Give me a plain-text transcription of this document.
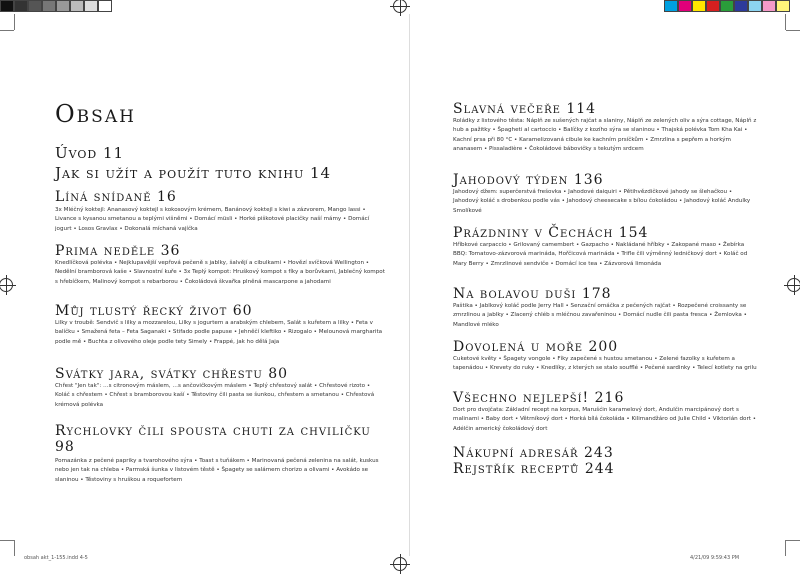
Obsah
Úvod 11
Jak si užít a použít tuto knihu 14
Líná snídaně 16
3x Mléčný koktejl: Ananasový koktejl s kokosovým krémem, Banánový koktejl s kiwi a zázvorem, Mango lassi • Livance s kysanou smetanou a teplými višněmi • Domácí müsli • Horké piškotové placičky naší mámy • Domácí jogurt • Losos Gravlax • Dokonalá míchaná vajíčka
Prima neděle 36
Knedlíčková polévka • Nejklupavější vepřová pečeně s jablky, šalvějí a cibulkami • Hovězí svíčková Wellington • Nedělní bramborová kaše • Slavnostní kuře • 3x Teplý kompot: Hruškový kompot s fíky a borůvkami, Jablečný kompot s hřebíčkem, Malinový kompot s rebarborou • Čokoládová škvařka plněná mascarpone a jahodami
Můj tlustý řecký život 60
Lilky v troubě: Sendvič s lilky a mozzarelou, Lilky s jogurtem a arabským chlebem, Salát s kuřetem a lilky • Feta v balíčku • Smažená feta – Feta Saganaki • Stifado podle papuse • Jehněčí kleftiko • Rizogalo • Melounová margharita podle mě • Buchta z olivového oleje podle tety Simely • Frappé, jak ho dělá Jaja
Svátky jara, svátky chřestu 80
Chřest "Jen tak": …s citronovým máslem, …s ančovičkovým máslem • Teplý chřestový salát • Chřestové rizoto • Koláč s chřestem • Chřest s bramborovou kaší • Těstoviny čili pasta se šunkou, chřestem a smetanou • Chřestová krémová polévka
Rychlovky čili spousta chuti za chviličku 98
Pomazánka z pečené papriky a tvarohového sýra • Toast s tuňákem • Marinovaná pečená zelenina na salát, kuskus nebo jen tak na chleba • Parmská šunka v listovém těstě • Špagety se salámem chorizo a olivami • Avokádo se slaninou • Těstoviny s hruškou a roquefortem
Slavná večeře 114
Roládky z listového těsta: Náplň ze sušených rajčat a slaniny, Náplň ze zelených oliv a sýra cottage, Náplň z hub a pažitky • Špagheti al cartoccio • Balíčky z kozího sýra se slaninou • Thajská polévka Tom Kha Kai • Kachní prsa při 80 °C • Karamelizovaná cibule ke kachním prsíčkům • Zmrzlina s pepřem a horkým ananasem • Pissaladière • Čokoládové bábovičky s tekutým srdcem
Jahodový týden 136
Jahodový džem: superčerstvá frešovka • Jahodové daiquiri • Pětihvězdičkové jahody se šlehačkou • Jahodový koláč s drobenkou podle vás • Jahodový cheesecake s bílou čokoládou • Jahodový koláč Andulky Smolíkové
Prázdniny v Čechách 154
Hříbkové carpaccio • Grilovaný camembert • Gazpacho • Nakládané hříbky • Zakopané maso • Žebírka BBQ: Tomatovo-zázvorová marináda, Hořčicová marináda • Trifle čili výměnný ledničkový dort • Koláč od Mary Berry • Zmrzlinové sendviče • Domácí ice tea • Zázvorová limonáda
Na bolavou duši 178
Paštika • Jablkový koláč podle Jerry Hall • Senzační omáčka z pečených rajčat • Rozpečené croissanty se zmrzlinou a jablky • Zlacený chléb s mléčnou zavařeninou • Domácí nudle čili pasta fresca • Žemlovka • Mandlové mléko
Dovolená u moře 200
Cuketové květy • Špagety vongole • Fíky zapečené s hustou smetanou • Zelené fazolky s kuřetem a tapenádou • Krevety do ruky • Knedlíky, z kterých se stalo soufflé • Pečené sardinky • Telecí kotlety na grilu
Všechno nejlepší! 216
Dort pro dvojčata: Základní recept na korpus, Marušćin karamelový dort, Andulčin marcipánový dort s malinami • Baby dort • Větrníkový dort • Horká bílá čokoláda • Kilimandžáro od Julie Child • Viktorián dort • Adélčin americký čokoládový dort
Nákupní adresář 243
Rejstřík receptů 244
obsah akt_1-155.indd 4-5	4/21/09 9:59:43 PM
